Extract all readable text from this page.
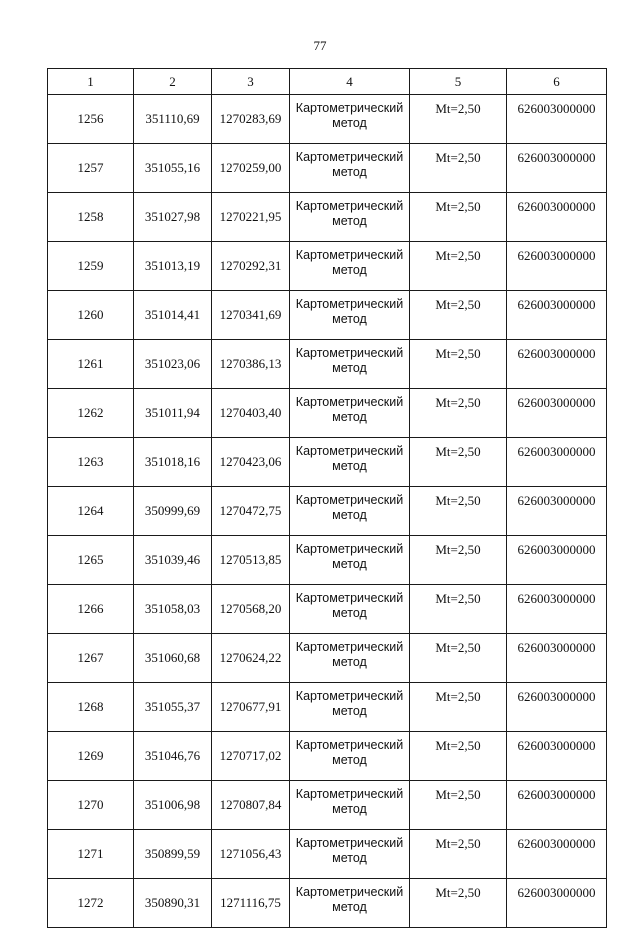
77
1	2	3	4	5	6
1256	351110,69	1270283,69	Картометрический метод	Mt=2,50	626003000000
1257	351055,16	1270259,00	Картометрический метод	Mt=2,50	626003000000
1258	351027,98	1270221,95	Картометрический метод	Mt=2,50	626003000000
1259	351013,19	1270292,31	Картометрический метод	Mt=2,50	626003000000
1260	351014,41	1270341,69	Картометрический метод	Mt=2,50	626003000000
1261	351023,06	1270386,13	Картометрический метод	Mt=2,50	626003000000
1262	351011,94	1270403,40	Картометрический метод	Mt=2,50	626003000000
1263	351018,16	1270423,06	Картометрический метод	Mt=2,50	626003000000
1264	350999,69	1270472,75	Картометрический метод	Mt=2,50	626003000000
1265	351039,46	1270513,85	Картометрический метод	Mt=2,50	626003000000
1266	351058,03	1270568,20	Картометрический метод	Mt=2,50	626003000000
1267	351060,68	1270624,22	Картометрический метод	Mt=2,50	626003000000
1268	351055,37	1270677,91	Картометрический метод	Mt=2,50	626003000000
1269	351046,76	1270717,02	Картометрический метод	Mt=2,50	626003000000
1270	351006,98	1270807,84	Картометрический метод	Mt=2,50	626003000000
1271	350899,59	1271056,43	Картометрический метод	Mt=2,50	626003000000
1272	350890,31	1271116,75	Картометрический метод	Mt=2,50	626003000000
